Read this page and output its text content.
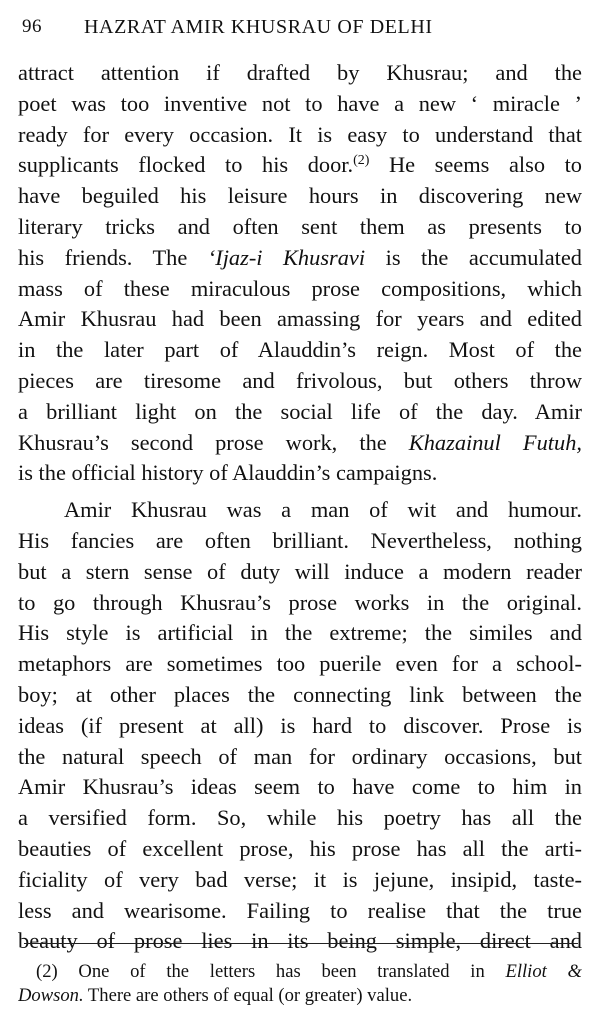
96 HAZRAT AMIR KHUSRAU OF DELHI
attract attention if drafted by Khusrau; and the
poet was too inventive not to have a new ‘ miracle ’
ready for every occasion. It is easy to understand that
supplicants flocked to his door.$^{(2)}$ He seems also to
have beguiled his leisure hours in discovering new
literary tricks and often sent them as presents to
his friends. The ‘Ijaz-i Khusravi is the accumulated
mass of these miraculous prose compositions, which
Amir Khusrau had been amassing for years and edited
in the later part of Alauddin’s reign. Most of the
pieces are tiresome and frivolous, but others throw
a brilliant light on the social life of the day. Amir
Khusrau’s second prose work, the Khazainul Futuh,
is the official history of Alauddin’s campaigns.
Amir Khusrau was a man of wit and humour.
His fancies are often brilliant. Nevertheless, nothing
but a stern sense of duty will induce a modern reader
to go through Khusrau’s prose works in the original.
His style is artificial in the extreme; the similes and
metaphors are sometimes too puerile even for a school-
boy; at other places the connecting link between the
ideas (if present at all) is hard to discover. Prose is
the natural speech of man for ordinary occasions, but
Amir Khusrau’s ideas seem to have come to him in
a versified form. So, while his poetry has all the
beauties of excellent prose, his prose has all the arti-
ficiality of very bad verse; it is jejune, insipid, taste-
less and wearisome. Failing to realise that the true
beauty of prose lies in its being simple, direct and
(2) One of the letters has been translated in Elliot &
Dowson. There are others of equal (or greater) value.
